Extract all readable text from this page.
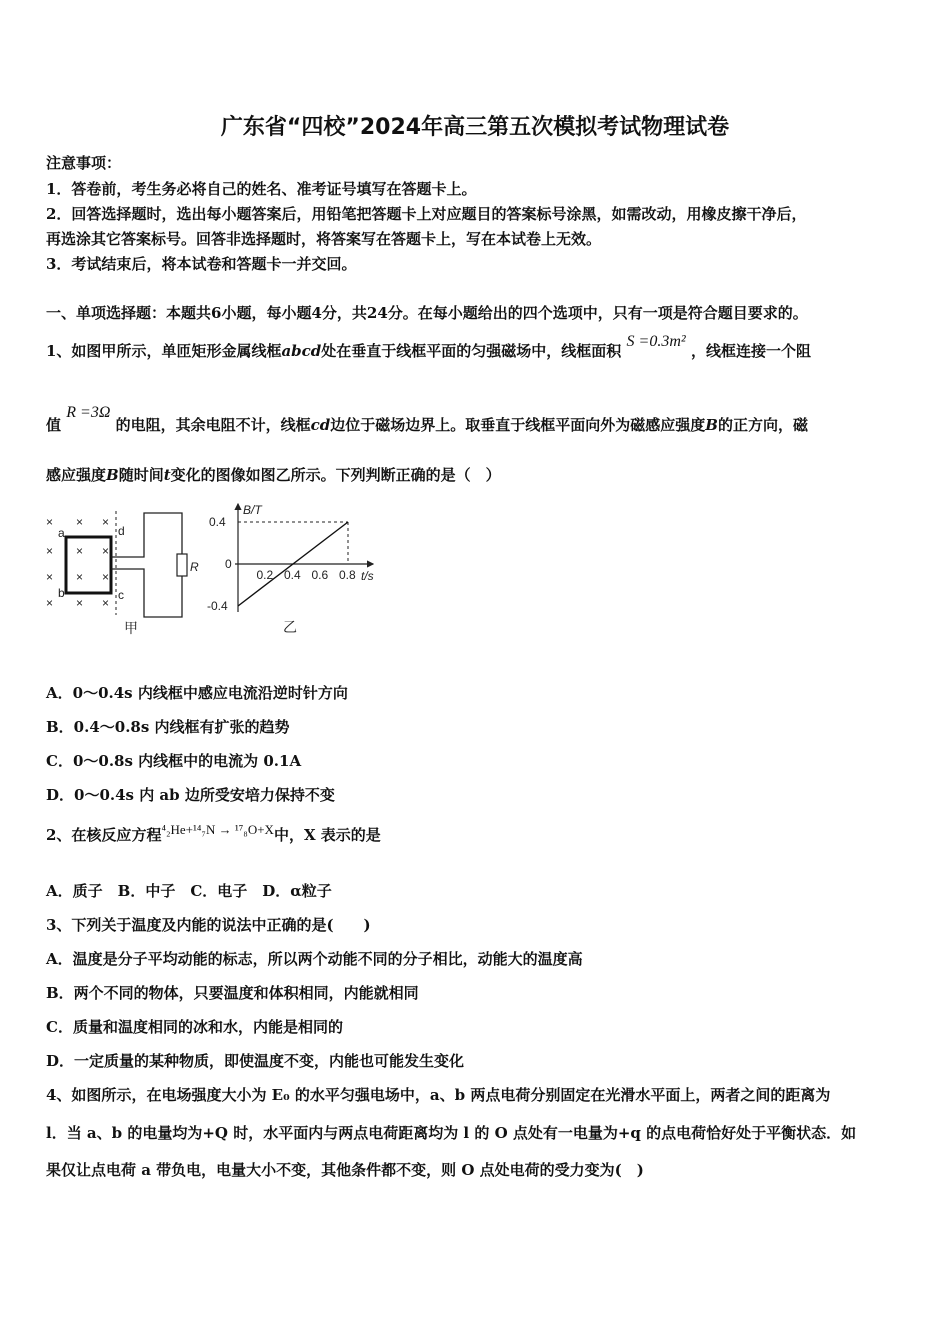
广东省“四校”2024年高三第五次模拟考试物理试卷
注意事项：
1．答卷前，考生务必将自己的姓名、准考证号填写在答题卡上。
2．回答选择题时，选出每小题答案后，用铅笔把答题卡上对应题目的答案标号涂黑，如需改动，用橡皮擦干净后，
再选涂其它答案标号。回答非选择题时，将答案写在答题卡上，写在本试卷上无效。
3．考试结束后，将本试卷和答题卡一并交回。
一、单项选择题：本题共6小题，每小题4分，共24分。在每小题给出的四个选项中，只有一项是符合题目要求的。
1、如图甲所示，单匝矩形金属线框abcd处在垂直于线框平面的匀强磁场中，线框面积 S =0.3m² ，线框连接一个阻
值 R =3Ω 的电阻，其余电阻不计，线框cd边位于磁场边界上。取垂直于线框平面向外为磁感应强度B的正方向，磁
感应强度B随时间t变化的图像如图乙所示。下列判断正确的是（　）
× × ×
× × ×
× × ×
× × ×
a
b	c
d
R
甲
B/T
t/s
0
0.4
-0.4
0.2 0.4 0.6 0.8
乙
A．0～0.4s 内线框中感应电流沿逆时针方向
B．0.4～0.8s 内线框有扩张的趋势
C．0～0.8s 内线框中的电流为 0.1A
D．0～0.4s 内 ab 边所受安培力保持不变
2、在核反应方程⁴₂He+¹⁴₇N → ¹⁷₈O+X中，X 表示的是
A．质子　B．中子　C．电子　D．α粒子
3、下列关于温度及内能的说法中正确的是(　　)
A．温度是分子平均动能的标志，所以两个动能不同的分子相比，动能大的温度高
B．两个不同的物体，只要温度和体积相同，内能就相同
C．质量和温度相同的冰和水，内能是相同的
D．一定质量的某种物质，即使温度不变，内能也可能发生变化
4、如图所示，在电场强度大小为 E₀ 的水平匀强电场中，a、b 两点电荷分别固定在光滑水平面上，两者之间的距离为
l．当 a、b 的电量均为+Q 时，水平面内与两点电荷距离均为 l 的 O 点处有一电量为+q 的点电荷恰好处于平衡状态．如
果仅让点电荷 a 带负电，电量大小不变，其他条件都不变，则 O 点处电荷的受力变为(　)
